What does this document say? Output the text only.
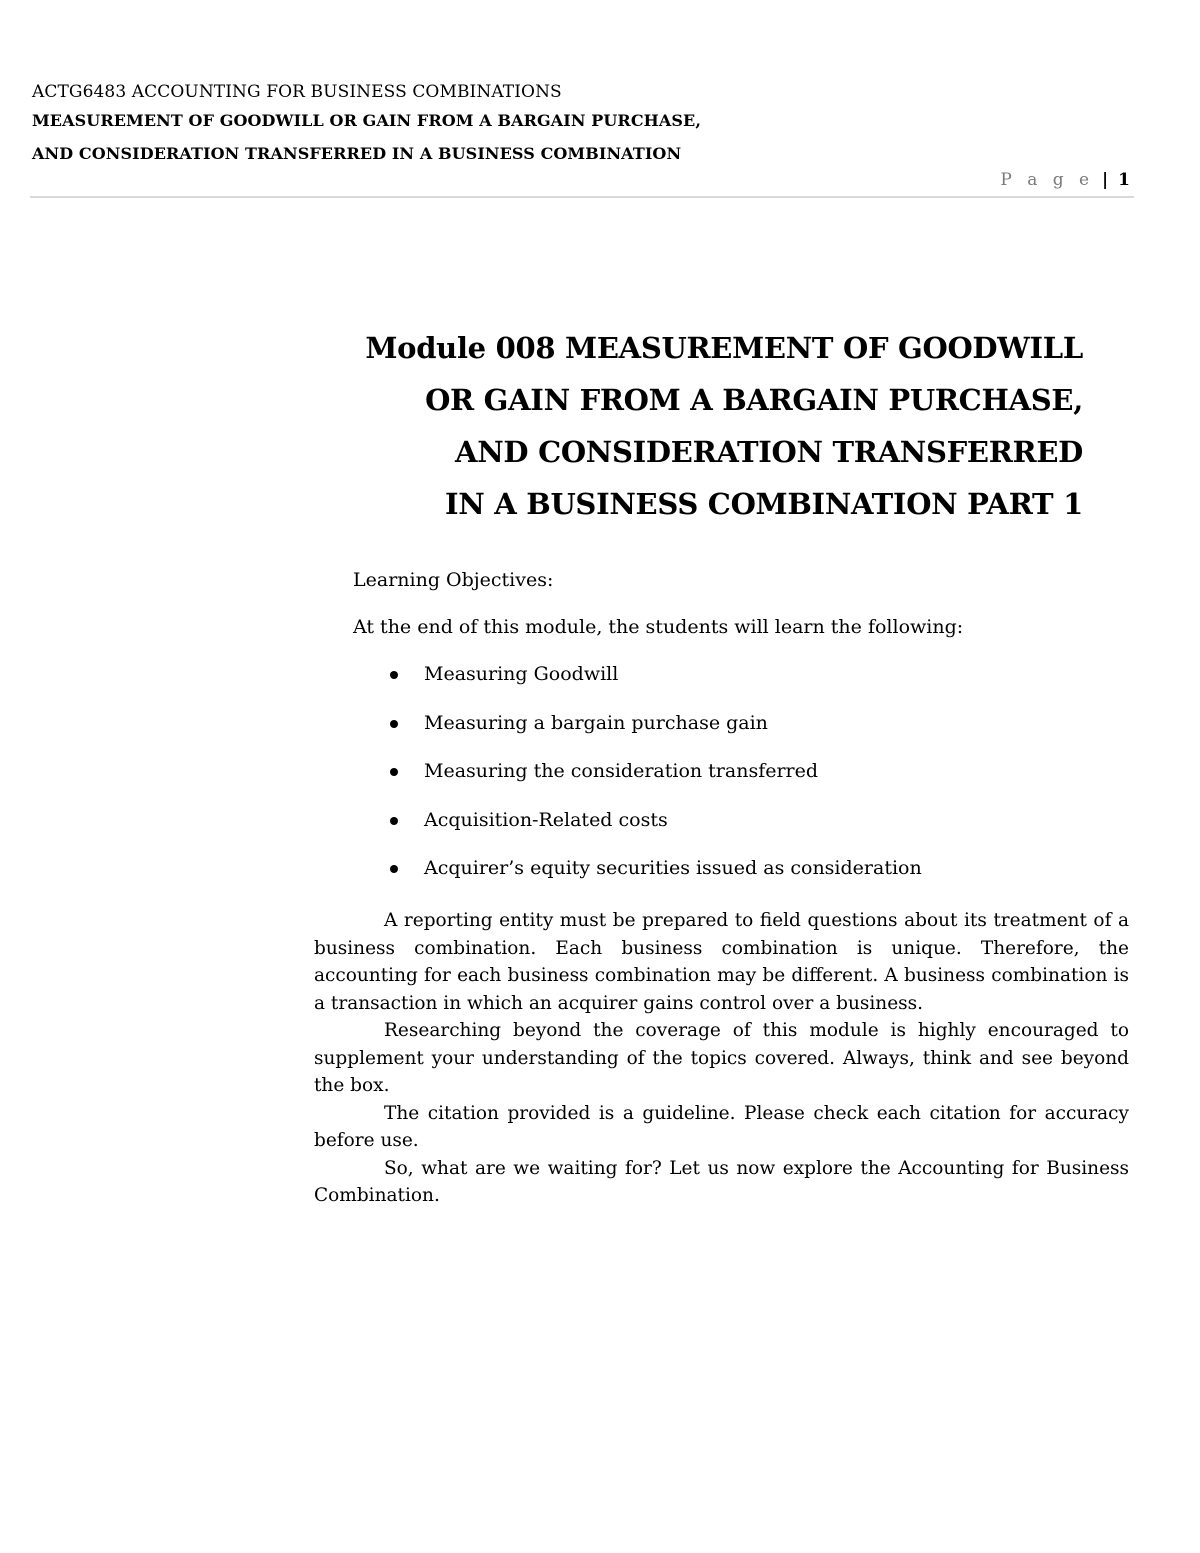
ACTG6483 ACCOUNTING FOR BUSINESS COMBINATIONS
MEASUREMENT OF GOODWILL OR GAIN FROM A BARGAIN PURCHASE,
AND CONSIDERATION TRANSFERRED IN A BUSINESS COMBINATION
P a g e | 1
Module 008 MEASUREMENT OF GOODWILL
OR GAIN FROM A BARGAIN PURCHASE,
AND CONSIDERATION TRANSFERRED
IN A BUSINESS COMBINATION PART 1
Learning Objectives:
At the end of this module, the students will learn the following:
Measuring Goodwill
Measuring a bargain purchase gain
Measuring the consideration transferred
Acquisition-Related costs
Acquirer’s equity securities issued as consideration

A reporting entity must be prepared to field questions about its treatment of a business combination. Each business combination is unique. Therefore, the accounting for each business combination may be different. A business combination is a transaction in which an acquirer gains control over a business.

Researching beyond the coverage of this module is highly encouraged to supplement your understanding of the topics covered. Always, think and see beyond the box.

The citation provided is a guideline. Please check each citation for accuracy before use.

So, what are we waiting for? Let us now explore the Accounting for Business Combination.
